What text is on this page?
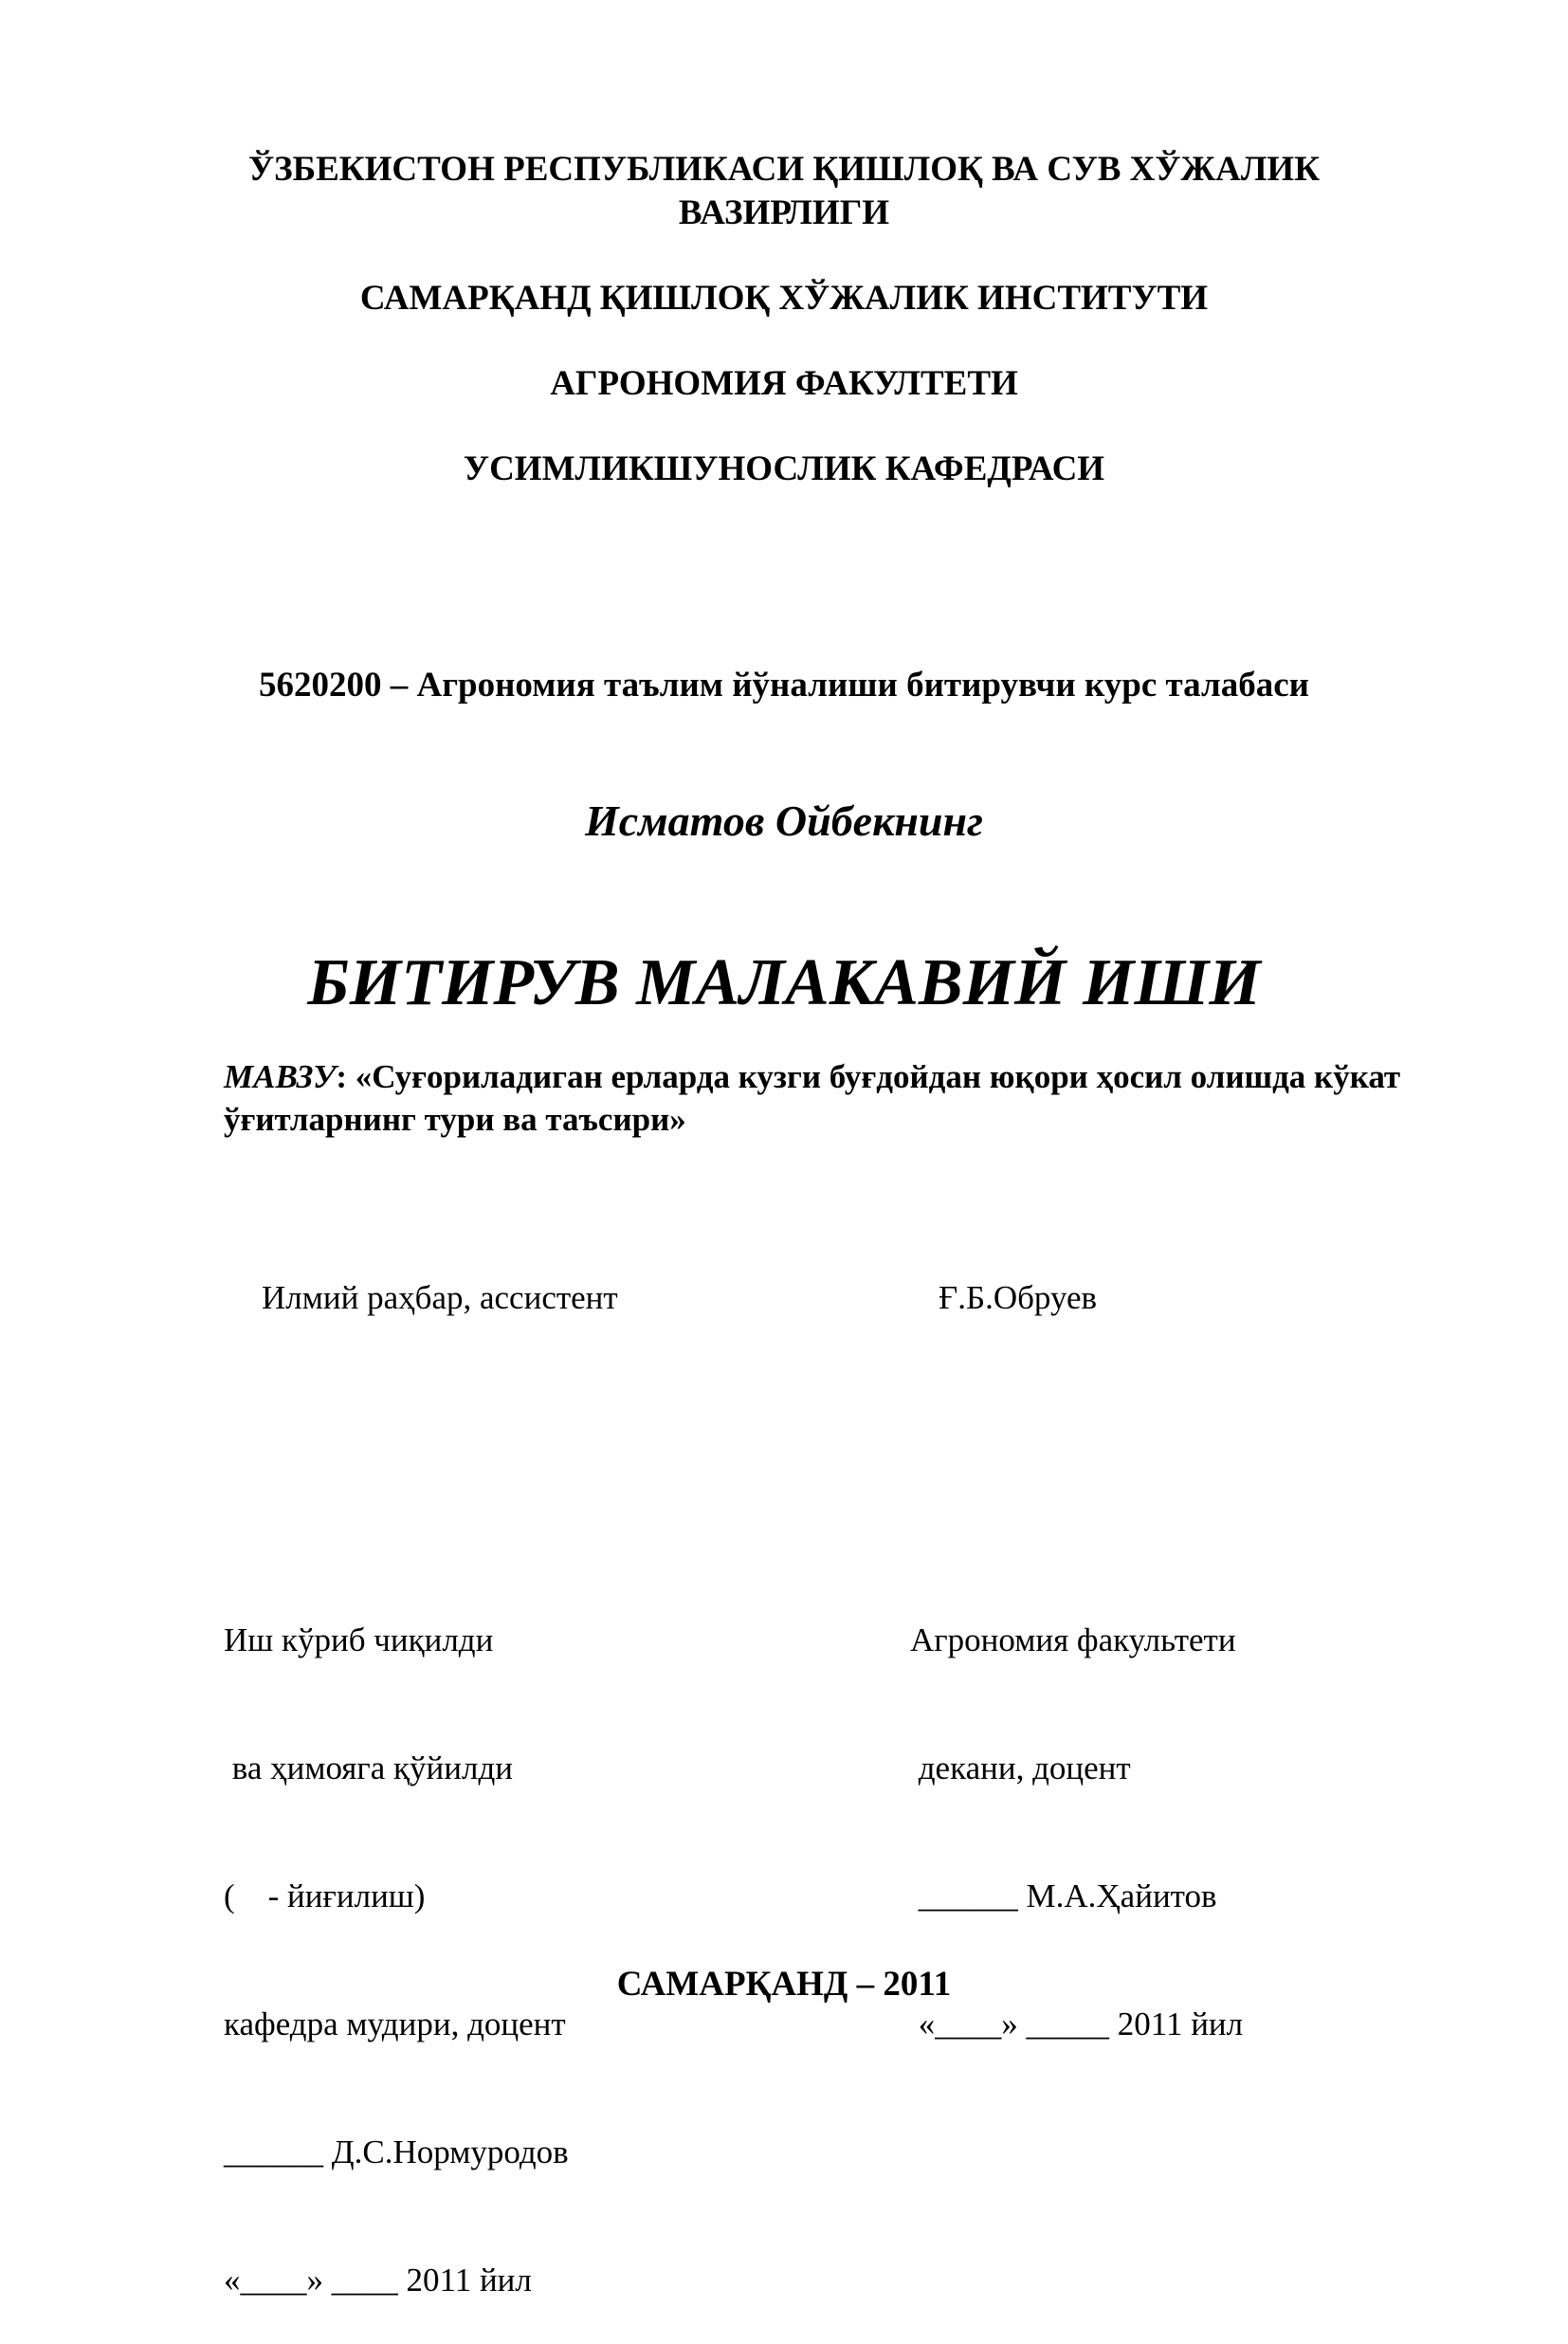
ЎЗБЕКИСТОН РЕСПУБЛИКАСИ ҚИШЛОҚ ВА СУВ ХЎЖАЛИК
ВАЗИРЛИГИ
САМАРҚАНД ҚИШЛОҚ ХЎЖАЛИК ИНСТИТУТИ
АГРОНОМИЯ ФАКУЛТЕТИ
УСИМЛИКШУНОСЛИК КАФЕДРАСИ
5620200 – Агрономия таълим йўналиши битирувчи курс талабаси
Исматов Ойбекнинг
БИТИРУВ МАЛАКАВИЙ ИШИ
МАВЗУ: «Суғориладиган ерларда кузги буғдойдан юқори ҳосил олишда кўкат ўғитларнинг тури ва таъсири»
Илмий раҳбар, ассистент	Ғ.Б.Обруев

Иш кўриб чиқилди

ва ҳимояга қўйилди

(    - йиғилиш)

кафедра мудири, доцент

______ Д.С.Нормуродов

«____» ____ 2011 йил

Агрономия факультети

декани, доцент

______ М.А.Ҳайитов

«____» _____ 2011 йил

САМАРҚАНД – 2011
